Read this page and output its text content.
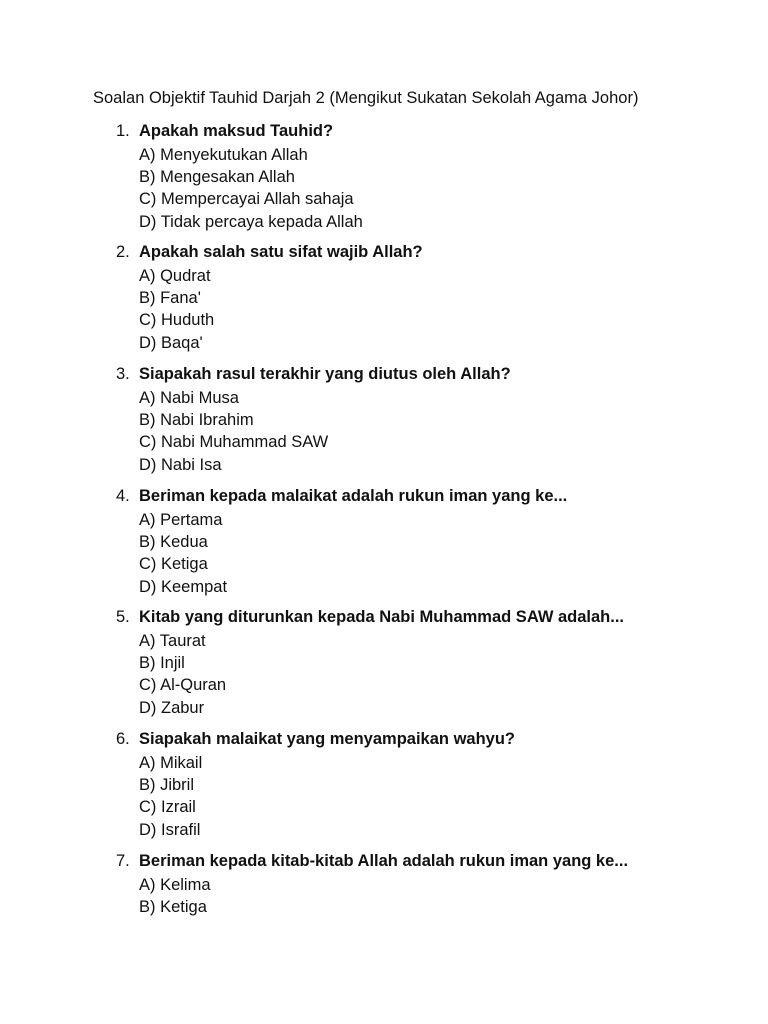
Soalan Objektif Tauhid Darjah 2 (Mengikut Sukatan Sekolah Agama Johor)
1. Apakah maksud Tauhid?
A) Menyekutukan Allah
B) Mengesakan Allah
C) Mempercayai Allah sahaja
D) Tidak percaya kepada Allah
2. Apakah salah satu sifat wajib Allah?
A) Qudrat
B) Fana'
C) Huduth
D) Baqa'
3. Siapakah rasul terakhir yang diutus oleh Allah?
A) Nabi Musa
B) Nabi Ibrahim
C) Nabi Muhammad SAW
D) Nabi Isa
4. Beriman kepada malaikat adalah rukun iman yang ke...
A) Pertama
B) Kedua
C) Ketiga
D) Keempat
5. Kitab yang diturunkan kepada Nabi Muhammad SAW adalah...
A) Taurat
B) Injil
C) Al-Quran
D) Zabur
6. Siapakah malaikat yang menyampaikan wahyu?
A) Mikail
B) Jibril
C) Izrail
D) Israfil
7. Beriman kepada kitab-kitab Allah adalah rukun iman yang ke...
A) Kelima
B) Ketiga
